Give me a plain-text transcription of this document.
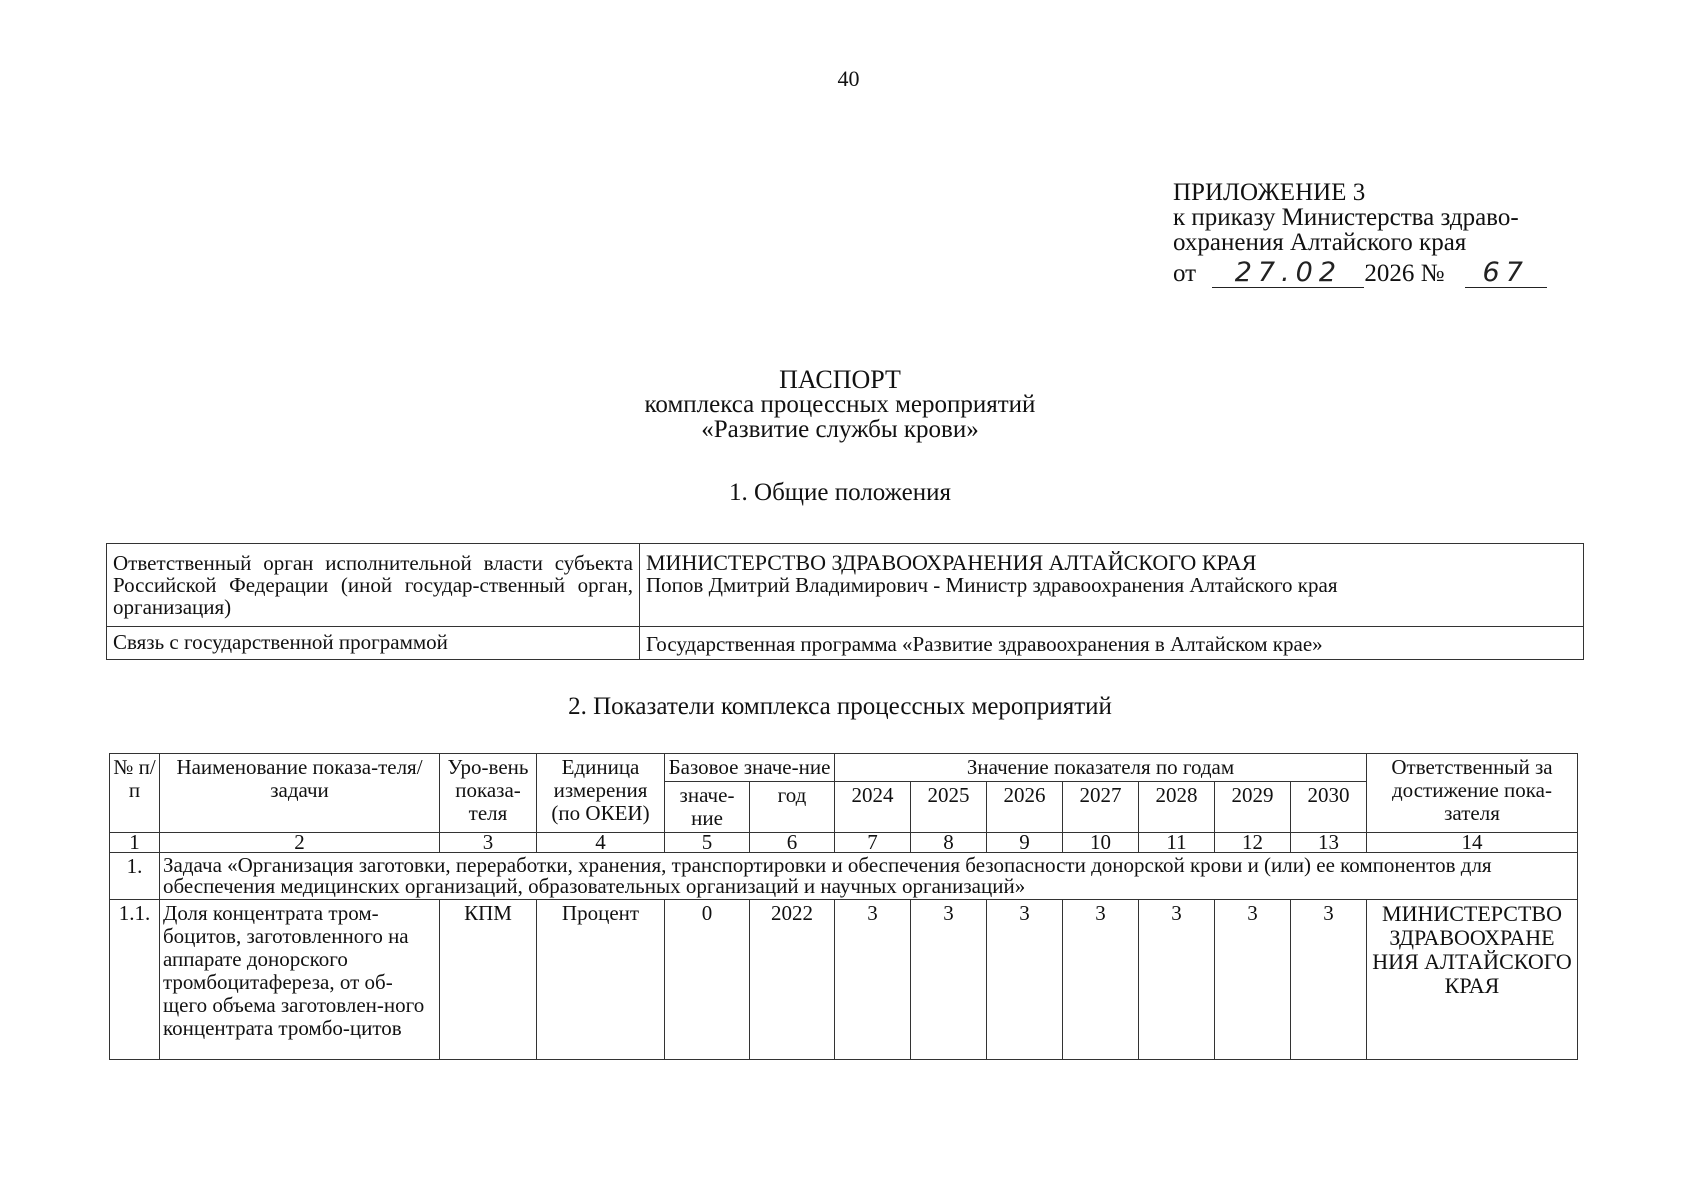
40
ПРИЛОЖЕНИЕ 3
к приказу Министерства здраво-
охранения Алтайского края
от 27.02 2026 № 67
ПАСПОРТ
комплекса процессных мероприятий
«Развитие службы крови»
1. Общие положения
Ответственный орган исполнительной власти субъекта Российской Федерации (иной государ-ственный орган, организация)	МИНИСТЕРСТВО ЗДРАВООХРАНЕНИЯ АЛТАЙСКОГО КРАЯ
Попов Дмитрий Владимирович - Министр здравоохранения Алтайского края

Связь с государственной программой	Государственная программа «Развитие здравоохранения в Алтайском крае»
2. Показатели комплекса процессных мероприятий
№ п/п	Наименование показа-теля/задачи	Уро-вень показа-теля	Единица измерения (по ОКЕИ)	Базовое значе-ние		Значение показателя по годам							Ответственный за достижение пока-зателя
				значе-ние	год	2024	2025	2026	2027	2028	2029	2030	
1	2	3	4	5	6	7	8	9	10	11	12	13	14
1.	Задача «Организация заготовки, переработки, хранения, транспортировки и обеспечения безопасности донорской крови и (или) ее компонентов для обеспечения медицинских организаций, образовательных организаций и научных организаций»												
1.1.	Доля концентрата тром-боцитов, заготовленного на аппарате донорского тромбоцитафереза, от об-щего объема заготовлен-ного концентрата тромбо-цитов	КПМ	Процент	0	2022	3	3	3	3	3	3	3	МИНИСТЕРСТВО ЗДРАВООХРАНЕ НИЯ АЛТАЙСКОГО КРАЯ
